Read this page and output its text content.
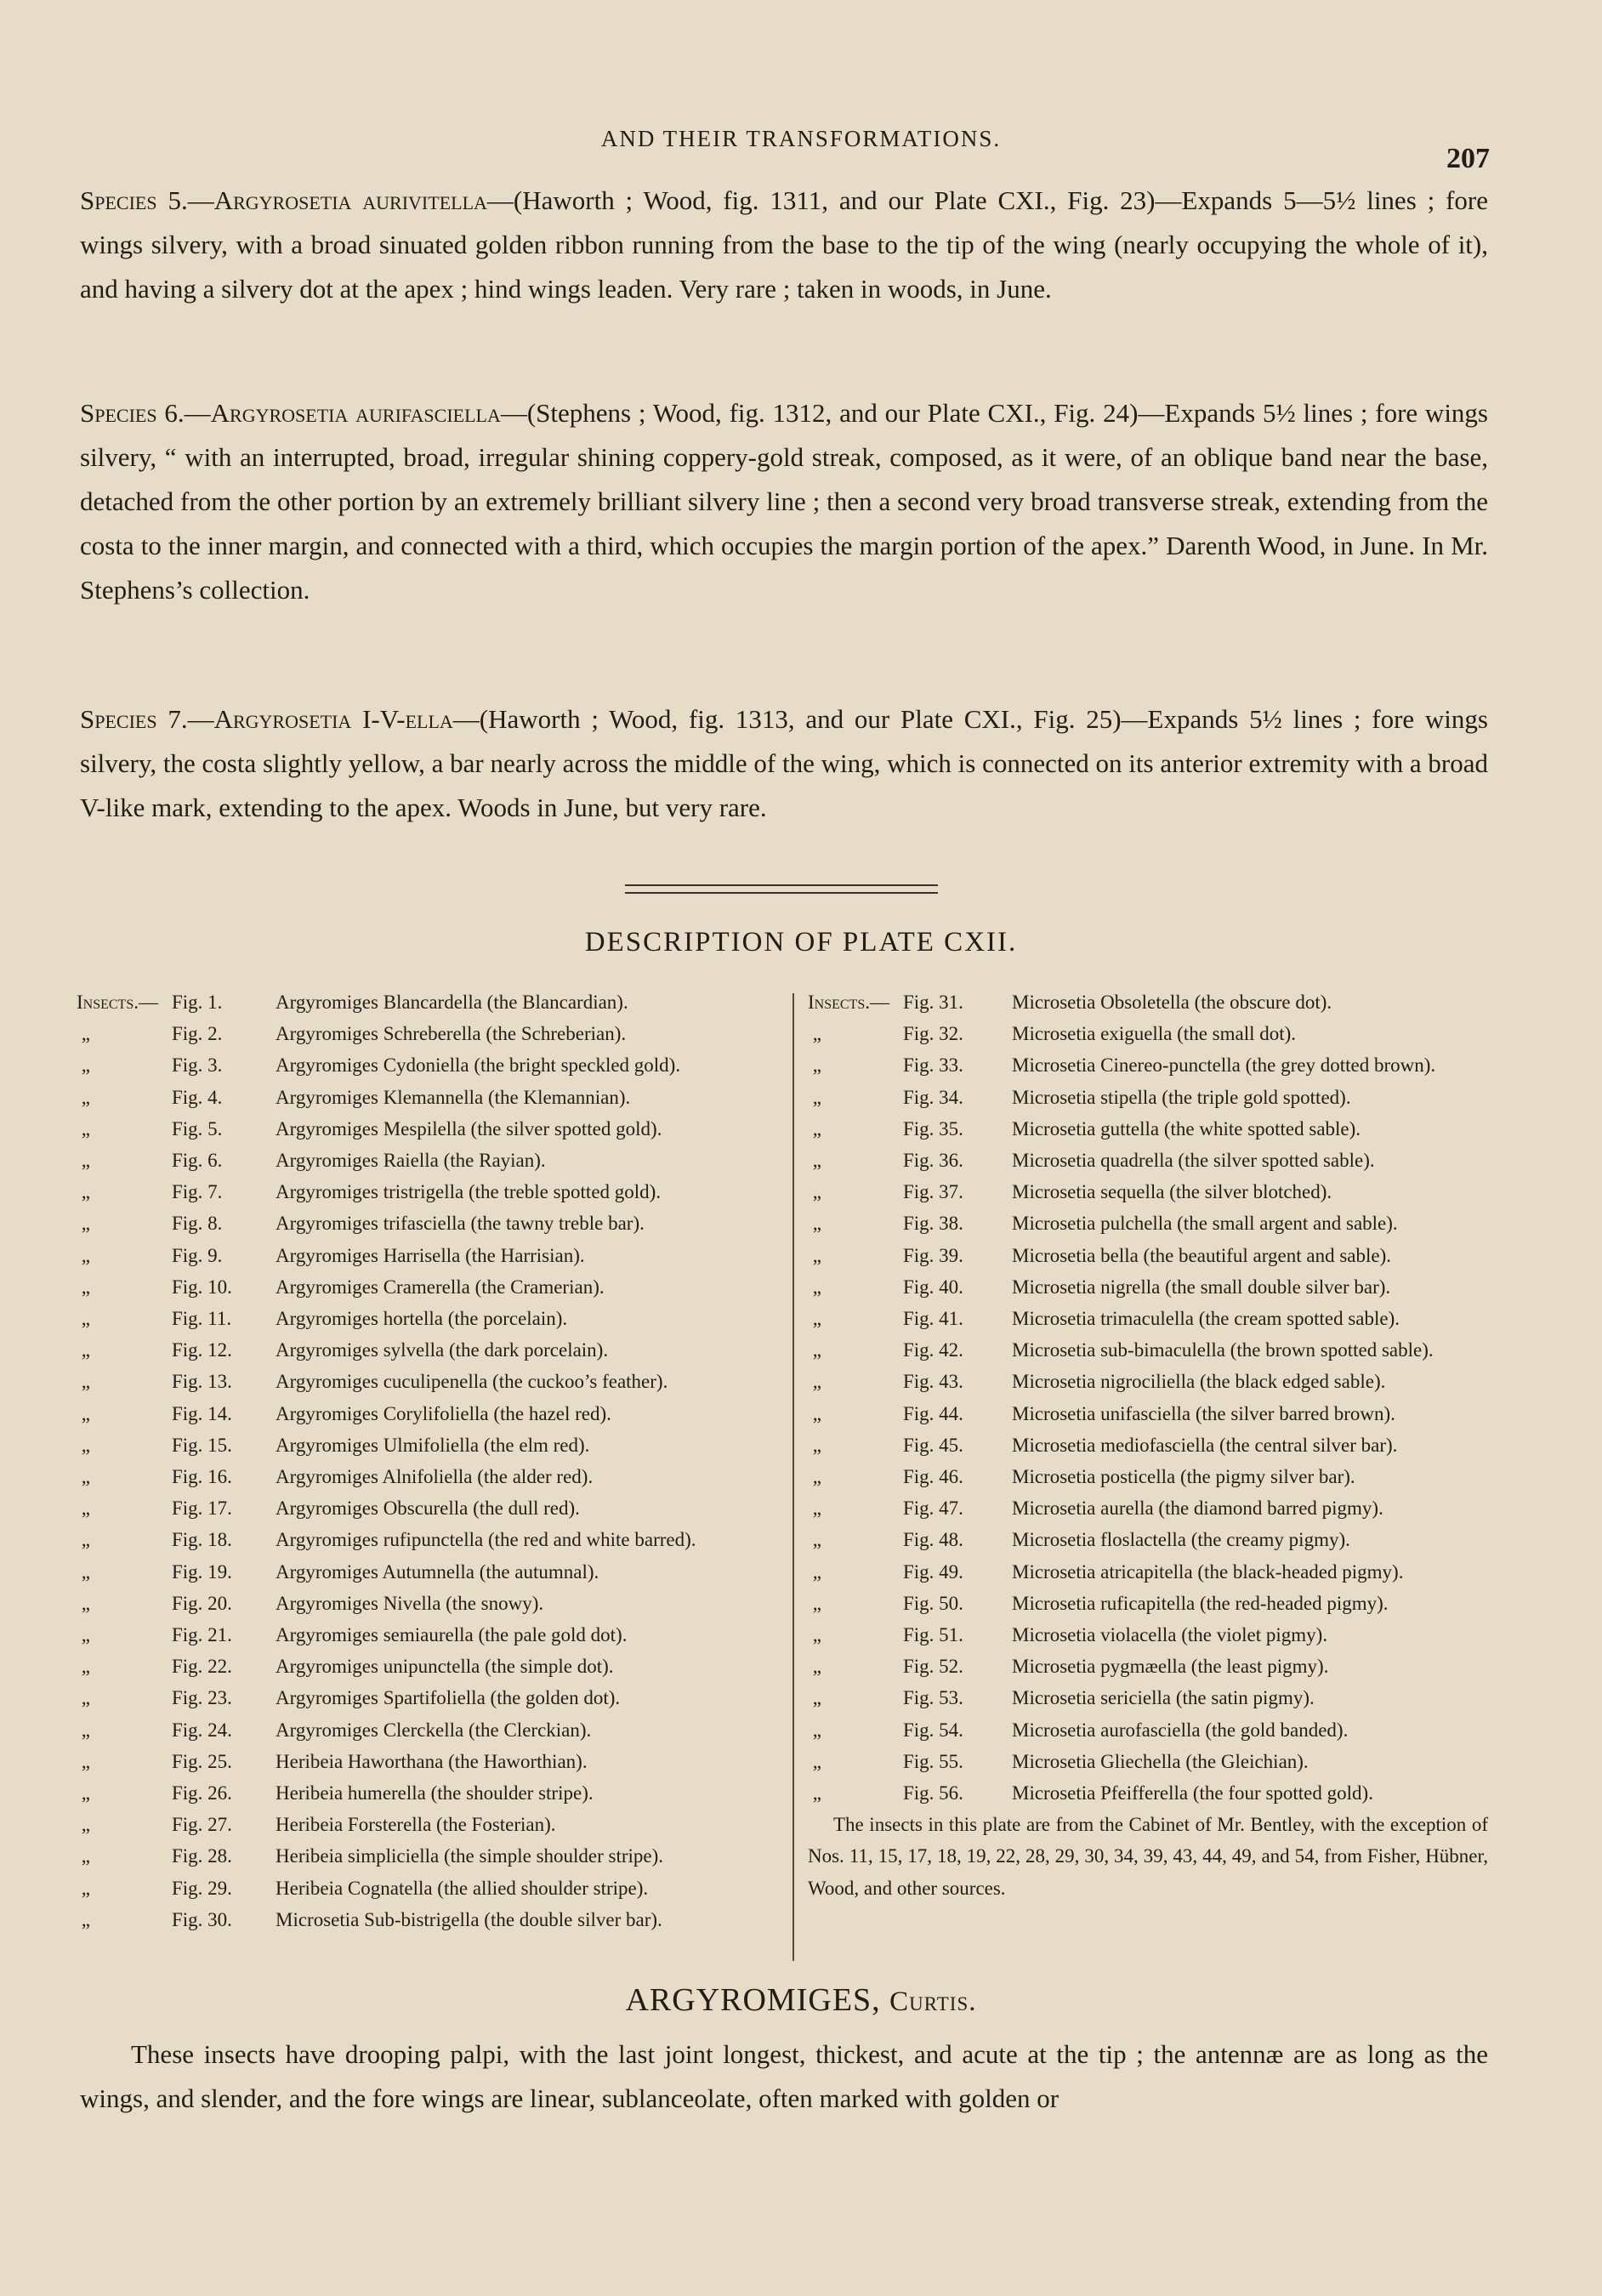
AND THEIR TRANSFORMATIONS.
207
Species 5.—Argyrosetia aurivitella—(Haworth ; Wood, fig. 1311, and our Plate CXI., Fig. 23)—Expands 5—5½ lines ; fore wings silvery, with a broad sinuated golden ribbon running from the base to the tip of the wing (nearly occupying the whole of it), and having a silvery dot at the apex ; hind wings leaden. Very rare ; taken in woods, in June.
Species 6.—Argyrosetia aurifasciella—(Stephens ; Wood, fig. 1312, and our Plate CXI., Fig. 24)—Expands 5½ lines ; fore wings silvery, “ with an interrupted, broad, irregular shining coppery-gold streak, composed, as it were, of an oblique band near the base, detached from the other portion by an extremely brilliant silvery line ; then a second very broad transverse streak, extending from the costa to the inner margin, and connected with a third, which occupies the margin portion of the apex.” Darenth Wood, in June. In Mr. Stephens’s collection.
Species 7.—Argyrosetia I-V-ella—(Haworth ; Wood, fig. 1313, and our Plate CXI., Fig. 25)—Expands 5½ lines ; fore wings silvery, the costa slightly yellow, a bar nearly across the middle of the wing, which is connected on its anterior extremity with a broad V-like mark, extending to the apex. Woods in June, but very rare.
DESCRIPTION OF PLATE CXII.
Insects.— Fig. 1.	Argyromiges Blancardella (the Blancardian).
„	Fig. 2.	Argyromiges Schreberella (the Schreberian).
„	Fig. 3.	Argyromiges Cydoniella (the bright speckled gold).
„	Fig. 4.	Argyromiges Klemannella (the Klemannian).
„	Fig. 5.	Argyromiges Mespilella (the silver spotted gold).
„	Fig. 6.	Argyromiges Raiella (the Rayian).
„	Fig. 7.	Argyromiges tristrigella (the treble spotted gold).
„	Fig. 8.	Argyromiges trifasciella (the tawny treble bar).
„	Fig. 9.	Argyromiges Harrisella (the Harrisian).
„	Fig. 10.	Argyromiges Cramerella (the Cramerian).
„	Fig. 11.	Argyromiges hortella (the porcelain).
„	Fig. 12.	Argyromiges sylvella (the dark porcelain).
„	Fig. 13.	Argyromiges cuculipenella (the cuckoo’s feather).
„	Fig. 14.	Argyromiges Corylifoliella (the hazel red).
„	Fig. 15.	Argyromiges Ulmifoliella (the elm red).
„	Fig. 16.	Argyromiges Alnifoliella (the alder red).
„	Fig. 17.	Argyromiges Obscurella (the dull red).
„	Fig. 18.	Argyromiges rufipunctella (the red and white barred).
„	Fig. 19.	Argyromiges Autumnella (the autumnal).
„	Fig. 20.	Argyromiges Nivella (the snowy).
„	Fig. 21.	Argyromiges semiaurella (the pale gold dot).
„	Fig. 22.	Argyromiges unipunctella (the simple dot).
„	Fig. 23.	Argyromiges Spartifoliella (the golden dot).
„	Fig. 24.	Argyromiges Clerckella (the Clerckian).
„	Fig. 25.	Heribeia Haworthana (the Haworthian).
„	Fig. 26.	Heribeia humerella (the shoulder stripe).
„	Fig. 27.	Heribeia Forsterella (the Fosterian).
„	Fig. 28.	Heribeia simpliciella (the simple shoulder stripe).
„	Fig. 29.	Heribeia Cognatella (the allied shoulder stripe).
„	Fig. 30.	Microsetia Sub-bistrigella (the double silver bar).
Insects.— Fig. 31.	Microsetia Obsoletella (the obscure dot).
„	Fig. 32.	Microsetia exiguella (the small dot).
„	Fig. 33.	Microsetia Cinereo-punctella (the grey dotted brown).
„	Fig. 34.	Microsetia stipella (the triple gold spotted).
„	Fig. 35.	Microsetia guttella (the white spotted sable).
„	Fig. 36.	Microsetia quadrella (the silver spotted sable).
„	Fig. 37.	Microsetia sequella (the silver blotched).
„	Fig. 38.	Microsetia pulchella (the small argent and sable).
„	Fig. 39.	Microsetia bella (the beautiful argent and sable).
„	Fig. 40.	Microsetia nigrella (the small double silver bar).
„	Fig. 41.	Microsetia trimaculella (the cream spotted sable).
„	Fig. 42.	Microsetia sub-bimaculella (the brown spotted sable).
„	Fig. 43.	Microsetia nigrociliella (the black edged sable).
„	Fig. 44.	Microsetia unifasciella (the silver barred brown).
„	Fig. 45.	Microsetia mediofasciella (the central silver bar).
„	Fig. 46.	Microsetia posticella (the pigmy silver bar).
„	Fig. 47.	Microsetia aurella (the diamond barred pigmy).
„	Fig. 48.	Microsetia floslactella (the creamy pigmy).
„	Fig. 49.	Microsetia atricapitella (the black-headed pigmy).
„	Fig. 50.	Microsetia ruficapitella (the red-headed pigmy).
„	Fig. 51.	Microsetia violacella (the violet pigmy).
„	Fig. 52.	Microsetia pygmæella (the least pigmy).
„	Fig. 53.	Microsetia sericiella (the satin pigmy).
„	Fig. 54.	Microsetia aurofasciella (the gold banded).
„	Fig. 55.	Microsetia Gliechella (the Gleichian).
„	Fig. 56.	Microsetia Pfeifferella (the four spotted gold).
The insects in this plate are from the Cabinet of Mr. Bentley, with the exception of Nos. 11, 15, 17, 18, 19, 22, 28, 29, 30, 34, 39, 43, 44, 49, and 54, from Fisher, Hübner, Wood, and other sources.
ARGYROMIGES, Curtis.
These insects have drooping palpi, with the last joint longest, thickest, and acute at the tip ; the antennæ are as long as the wings, and slender, and the fore wings are linear, sublanceolate, often marked with golden or
